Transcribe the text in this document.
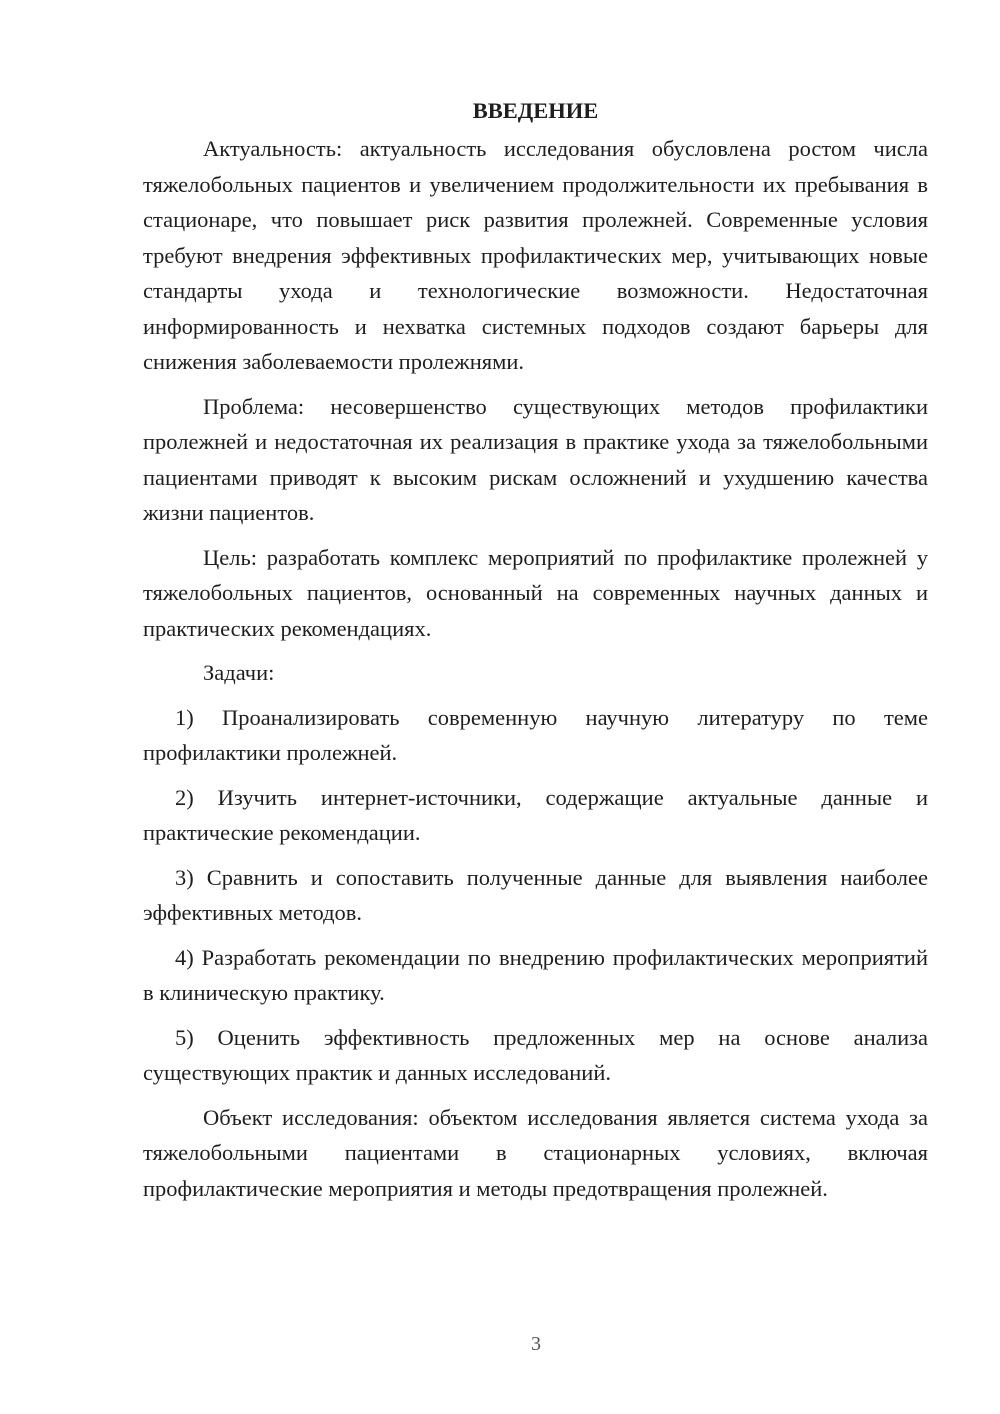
ВВЕДЕНИЕ

Актуальность: актуальность исследования обусловлена ростом числа тяжелобольных пациентов и увеличением продолжительности их пребывания в стационаре, что повышает риск развития пролежней. Современные условия требуют внедрения эффективных профилактических мер, учитывающих новые стандарты ухода и технологические возможности. Недостаточная информированность и нехватка системных подходов создают барьеры для снижения заболеваемости пролежнями.

Проблема: несовершенство существующих методов профилактики пролежней и недостаточная их реализация в практике ухода за тяжелобольными пациентами приводят к высоким рискам осложнений и ухудшению качества жизни пациентов.

Цель: разработать комплекс мероприятий по профилактике пролежней у тяжелобольных пациентов, основанный на современных научных данных и практических рекомендациях.

Задачи:

1) Проанализировать современную научную литературу по теме профилактики пролежней.

2) Изучить интернет-источники, содержащие актуальные данные и практические рекомендации.

3) Сравнить и сопоставить полученные данные для выявления наиболее эффективных методов.

4) Разработать рекомендации по внедрению профилактических мероприятий в клиническую практику.

5) Оценить эффективность предложенных мер на основе анализа существующих практик и данных исследований.

Объект исследования: объектом исследования является система ухода за тяжелобольными пациентами в стационарных условиях, включая профилактические мероприятия и методы предотвращения пролежней.

3
